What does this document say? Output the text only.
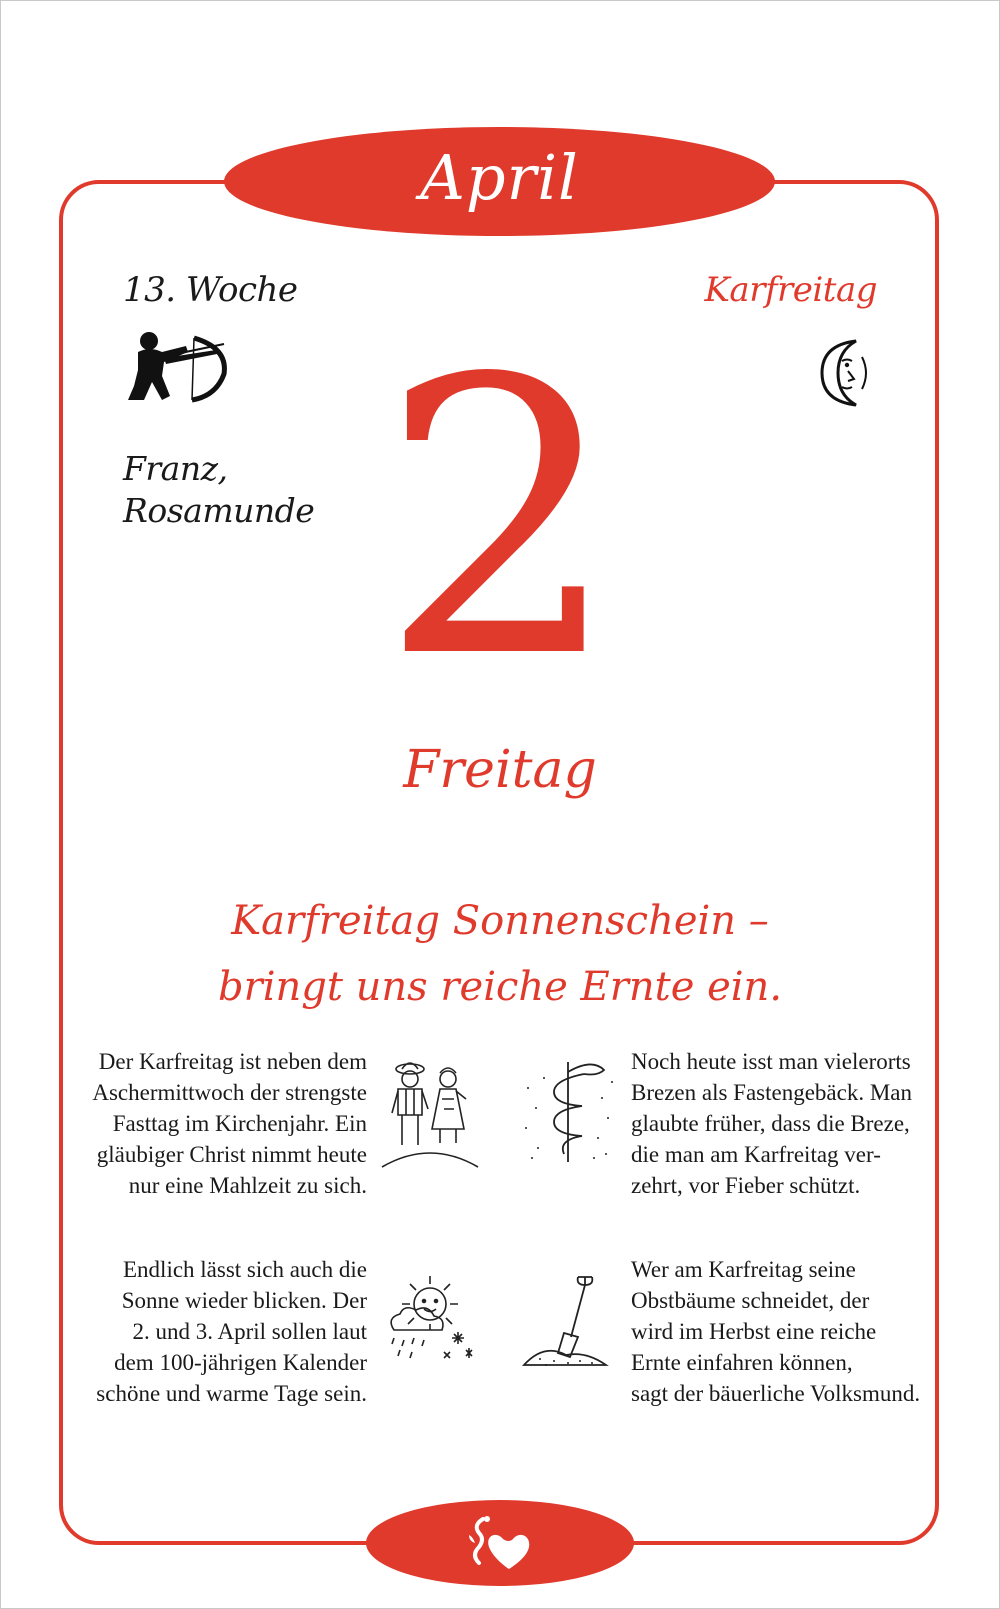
April
13. Woche	Karfreitag
Franz,
Rosamunde 2
Freitag
Karfreitag Sonnenschein –
bringt uns reiche Ernte ein.
Der Karfreitag ist neben dem
Aschermittwoch der strengste
Fasttag im Kirchenjahr. Ein
gläubiger Christ nimmt heute
nur eine Mahlzeit zu sich.
Noch heute isst man vielerorts
Brezen als Fastengebäck. Man
glaubte früher, dass die Breze,
die man am Karfreitag ver-
zehrt, vor Fieber schützt.
Endlich lässt sich auch die
Sonne wieder blicken. Der
2. und 3. April sollen laut
dem 100-jährigen Kalender
schöne und warme Tage sein.
Wer am Karfreitag seine
Obstbäume schneidet, der
wird im Herbst eine reiche
Ernte einfahren können,
sagt der bäuerliche Volksmund.
